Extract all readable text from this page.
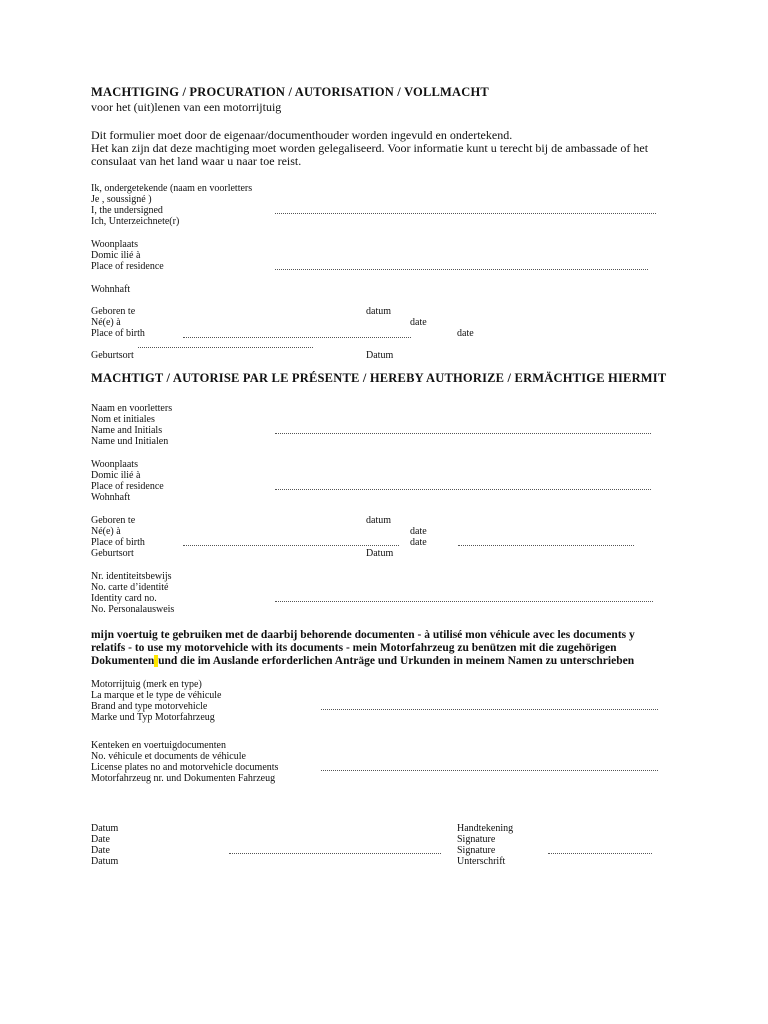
MACHTIGING / PROCURATION / AUTORISATION / VOLLMACHT
voor het (uit)lenen van een motorrijtuig
Dit formulier moet door de eigenaar/documenthouder worden ingevuld en ondertekend.
Het kan zijn dat deze machtiging moet worden gelegaliseerd. Voor informatie kunt u terecht bij de ambassade of het
consulaat van het land waar u naar toe reist.
Ik, ondergetekende (naam en voorletters
Je , soussigné )
I, the undersigned
Ich, Unterzeichnete(r)
Woonplaats
Domic ilié à
Place of residence
Wohnhaft
Geboren te
Né(e) à
Place of birth
Geburtsort
datum
date
date
Datum
MACHTIGT / AUTORISE PAR LE PRÉSENTE / HEREBY AUTHORIZE / ERMÄCHTIGE HIERMIT
Naam en voorletters
Nom et initiales
Name and Initials
Name und Initialen
Woonplaats
Domic ilié à
Place of residence
Wohnhaft
Geboren te
Né(e) à
Place of birth
Geburtsort
datum
date
date
Datum
Nr. identiteitsbewijs
No. carte d’identité
Identity card no.
No. Personalausweis
mijn voertuig te gebruiken met de daarbij behorende documenten - à utilisé mon véhicule avec les documents y
relatifs - to use my motorvehicle with its documents - mein Motorfahrzeug zu benützen mit die zugehörigen
Dokumenten​ und die im Auslande erforderlichen Anträge und Urkunden in meinem Namen zu unterschrieben
Motorrijtuig (merk en type)
La marque et le type de véhicule
Brand and type motorvehicle
Marke und Typ Motorfahrzeug
Kenteken en voertuigdocumenten
No. véhicule et documents de véhicule
License plates no and motorvehicle documents
Motorfahrzeug nr. und Dokumenten Fahrzeug
Datum
Date
Date
Datum
Handtekening
Signature
Signature
Unterschrift
